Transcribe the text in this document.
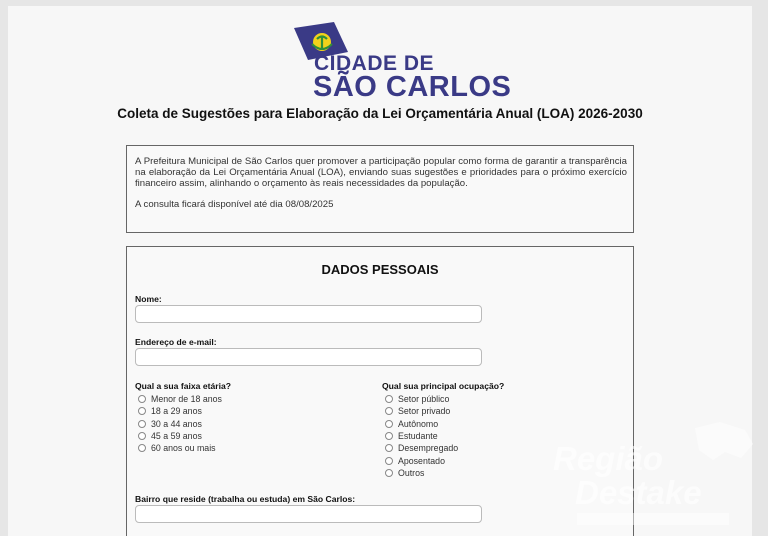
CIDADE DE
SÃO CARLOS
Coleta de Sugestões para Elaboração da Lei Orçamentária Anual (LOA) 2026-2030

A Prefeitura Municipal de São Carlos quer promover a participação popular como forma de garantir a transparência na elaboração da Lei Orçamentária Anual (LOA), enviando suas sugestões e prioridades para o próximo exercício financeiro assim, alinhando o orçamento às reais necessidades da população.

A consulta ficará disponível até dia 08/08/2025

DADOS PESSOAIS
Nome:
Endereço de e-mail:
Qual a sua faixa etária?
Menor de 18 anos
18 a 29 anos
30 a 44 anos
45 a 59 anos
60 anos ou mais
Qual sua principal ocupação?
Setor público
Setor privado
Autônomo
Estudante
Desempregado
Aposentado
Outros
Bairro que reside (trabalha ou estuda) em São Carlos:
Região
Destake
